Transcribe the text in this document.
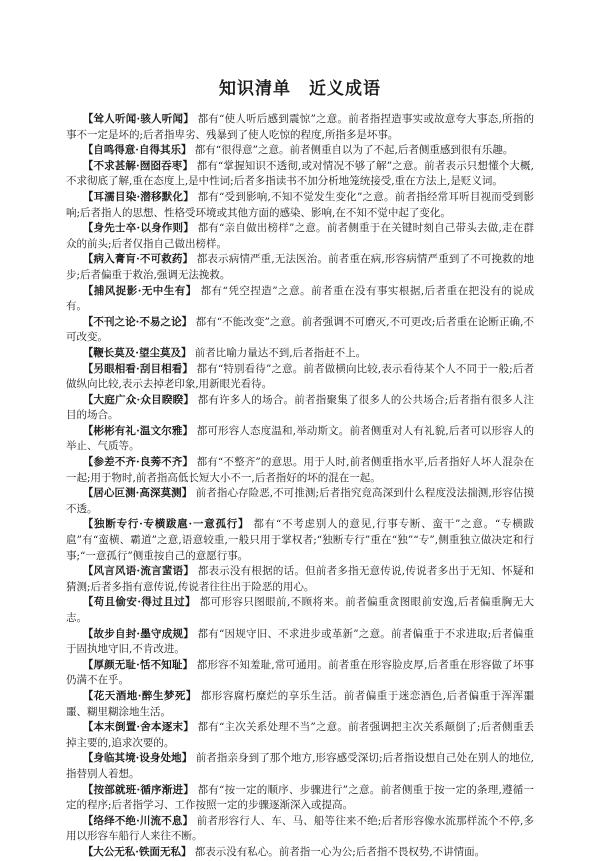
知识清单　近义成语
【耸人听闻·骇人听闻】 都有“使人听后感到震惊”之意。前者指捏造事实或故意夸大事态,所指的事不一定是坏的;后者指卑劣、残暴到了使人吃惊的程度,所指多是坏事。
【自鸣得意·自得其乐】 都有“很得意”之意。前者侧重自以为了不起,后者侧重感到很有乐趣。
【不求甚解·囫囵吞枣】 都有“掌握知识不透彻,或对情况不够了解”之意。前者表示只想懂个大概,不求彻底了解,重在态度上,是中性词;后者多指读书不加分析地笼统接受,重在方法上,是贬义词。
【耳濡目染·潜移默化】 都有“受到影响,不知不觉发生变化”之意。前者指经常耳听目视而受到影响;后者指人的思想、性格受环境或其他方面的感染、影响,在不知不觉中起了变化。
【身先士卒·以身作则】 都有“亲自做出榜样”之意。前者侧重于在关键时刻自己带头去做,走在群众的前头;后者仅指自己做出榜样。
【病入膏肓·不可救药】 都表示病情严重,无法医治。前者重在病,形容病情严重到了不可挽救的地步;后者偏重于救治,强调无法挽救。
【捕风捉影·无中生有】 都有“凭空捏造”之意。前者重在没有事实根据,后者重在把没有的说成有。
【不刊之论·不易之论】 都有“不能改变”之意。前者强调不可磨灭,不可更改;后者重在论断正确,不可改变。
【鞭长莫及·望尘莫及】 前者比喻力量达不到,后者指赶不上。
【另眼相看·刮目相看】 都有“特别看待”之意。前者做横向比较,表示看待某个人不同于一般;后者做纵向比较,表示去掉老印象,用新眼光看待。
【大庭广众·众目睽睽】 都有许多人的场合。前者指聚集了很多人的公共场合;后者指有很多人注目的场合。
【彬彬有礼·温文尔雅】 都可形容人态度温和,举动斯文。前者侧重对人有礼貌,后者可以形容人的举止、气质等。
【参差不齐·良莠不齐】 都有“不整齐”的意思。用于人时,前者侧重指水平,后者指好人坏人混杂在一起;用于物时,前者指高低长短大小不一,后者指好的坏的混在一起。
【居心叵测·高深莫测】 前者指心存险恶,不可推测;后者指究竟高深到什么程度没法揣测,形容估摸不透。
【独断专行·专横跋扈·一意孤行】 都有“不考虑别人的意见,行事专断、蛮干”之意。“专横跋扈”有“蛮横、霸道”之意,语意较重,一般只用于掌权者;“独断专行”重在“独”“专”,侧重独立做决定和行事;“一意孤行”侧重按自己的意愿行事。
【风言风语·流言蜚语】 都表示没有根据的话。但前者多指无意传说,传说者多出于无知、怀疑和猜测;后者多指有意传说,传说者往往出于险恶的用心。
【苟且偷安·得过且过】 都可形容只图眼前,不顾将来。前者偏重贪图眼前安逸,后者偏重胸无大志。
【故步自封·墨守成规】 都有“因规守旧、不求进步或革新”之意。前者偏重于不求进取;后者偏重于固执地守旧,不肯改进。
【厚颜无耻·恬不知耻】 都形容不知羞耻,常可通用。前者重在形容脸皮厚,后者重在形容做了坏事仍满不在乎。
【花天酒地·醉生梦死】 都形容腐朽糜烂的享乐生活。前者偏重于迷恋酒色,后者偏重于浑浑噩噩、糊里糊涂地生活。
【本末倒置·舍本逐末】 都有“主次关系处理不当”之意。前者强调把主次关系颠倒了;后者侧重丢掉主要的,追求次要的。
【身临其境·设身处地】 前者指亲身到了那个地方,形容感受深切;后者指设想自己处在别人的地位,指替别人着想。
【按部就班·循序渐进】 都有“按一定的顺序、步骤进行”之意。前者侧重于按一定的条理,遵循一定的程序;后者指学习、工作按照一定的步骤逐渐深入或提高。
【络绎不绝·川流不息】 前者形容行人、车、马、船等往来不绝;后者形容像水流那样流个不停,多用以形容车船行人来往不断。
【大公无私·铁面无私】 都表示没有私心。前者指一心为公;后者指不畏权势,不讲情面。
